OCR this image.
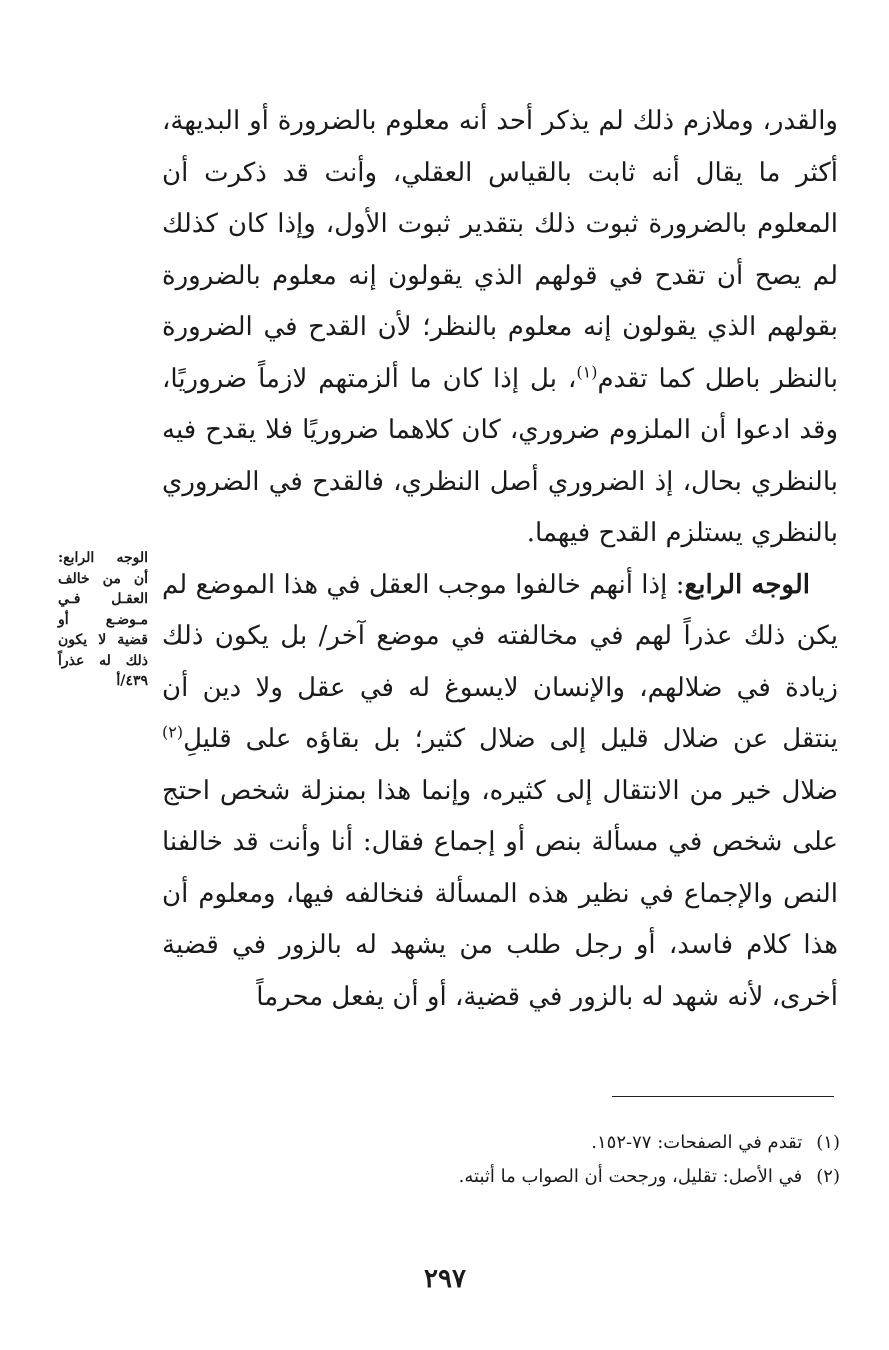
والقدر، وملازم ذلك لم يذكر أحد أنه معلوم بالضرورة أو البديهة، أكثر ما يقال أنه ثابت بالقياس العقلي، وأنت قد ذكرت أن المعلوم بالضرورة ثبوت ذلك بتقدير ثبوت الأول، وإذا كان كذلك لم يصح أن تقدح في قولهم الذي يقولون إنه معلوم بالضرورة بقولهم الذي يقولون إنه معلوم بالنظر؛ لأن القدح في الضرورة بالنظر باطل كما تقدم$^{(١)}$، بل إذا كان ما ألزمتهم لازماً ضروريًا، وقد ادعوا أن الملزوم ضروري، كان كلاهما ضروريًا فلا يقدح فيه بالنظري بحال، إذ الضروري أصل النظري، فالقدح في الضروري بالنظري يستلزم القدح فيهما.

الوجه الرابع: إذا أنهم خالفوا موجب العقل في هذا الموضع لم يكن ذلك عذراً لهم في مخالفته في موضع آخر/ بل يكون ذلك زيادة في ضلالهم، والإنسان لايسوغ له في عقل ولا دين أن ينتقل عن ضلال قليل إلى ضلال كثير؛ بل بقاؤه على قليلِ$^{(٢)}$ ضلال خير من الانتقال إلى كثيره، وإنما هذا بمنزلة شخص احتج على شخص في مسألة بنص أو إجماع فقال: أنا وأنت قد خالفنا النص والإجماع في نظير هذه المسألة فنخالفه فيها، ومعلوم أن هذا كلام فاسد، أو رجل طلب من يشهد له بالزور في قضية أخرى، لأنه شهد له بالزور في قضية، أو أن يفعل محرماً

الوجه الرابع: أن من خالف العقـل فـي مـوضـع أو قضية لا يكون ذلك له عذراً ٤٣٩/أ

(١)تقدم في الصفحات: ٧٧-١٥٢.

(٢)في الأصل: تقليل، ورجحت أن الصواب ما أثبته.

٢٩٧
